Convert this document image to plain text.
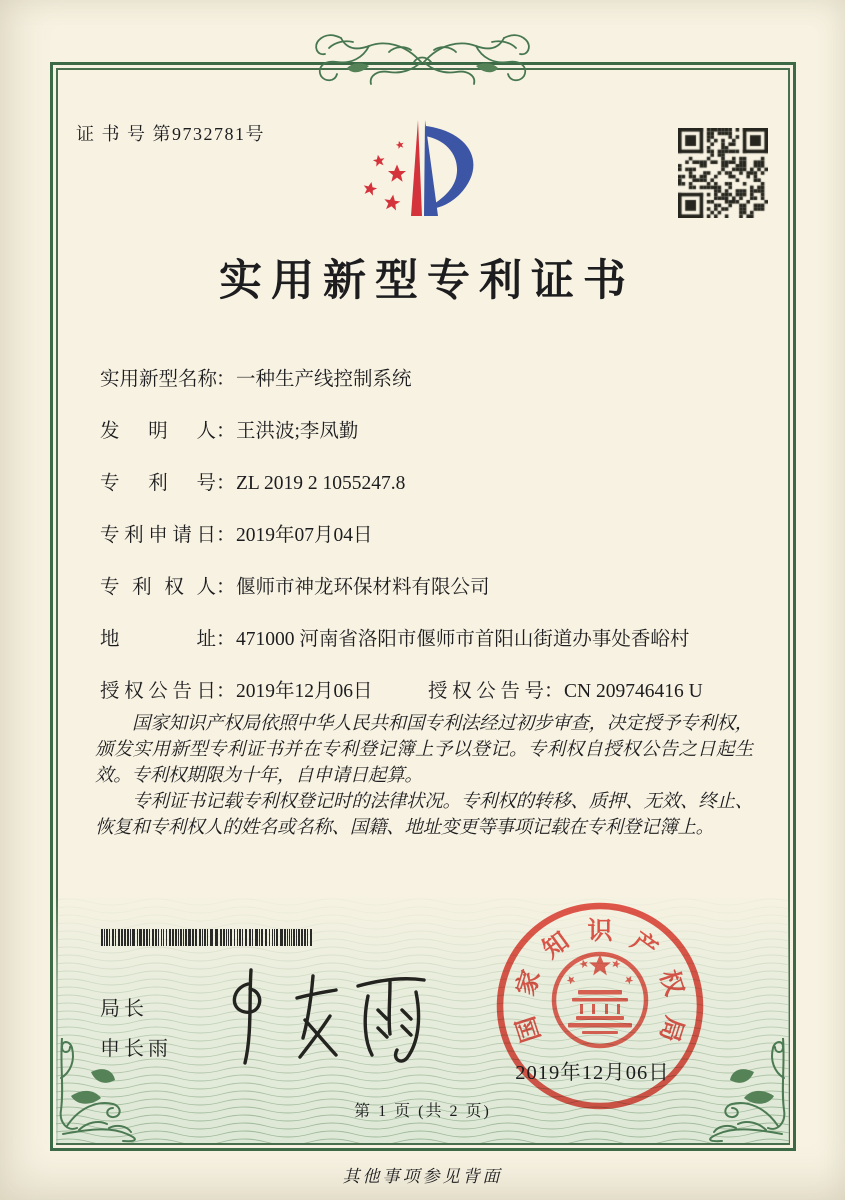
证 书 号 第9732781号
实用新型专利证书
实用新型名称：一种生产线控制系统
发明人：王洪波;李凤勤
专利号：ZL 2019 2 1055247.8
专利申请日：2019年07月04日
专利权人：偃师市神龙环保材料有限公司
地址：471000 河南省洛阳市偃师市首阳山街道办事处香峪村
授权公告日：2019年12月06日	授权公告号：CN 209746416 U

国家知识产权局依照中华人民共和国专利法经过初步审查，决定授予专利权，颁发实用新型专利证书并在专利登记簿上予以登记。专利权自授权公告之日起生效。专利权期限为十年，自申请日起算。

专利证书记载专利权登记时的法律状况。专利权的转移、质押、无效、终止、恢复和专利权人的姓名或名称、国籍、地址变更等事项记载在专利登记簿上。

局长
申长雨
国
家
知 识 产
权
局
2019年12月06日
第 1 页 (共 2 页)
其他事项参见背面
